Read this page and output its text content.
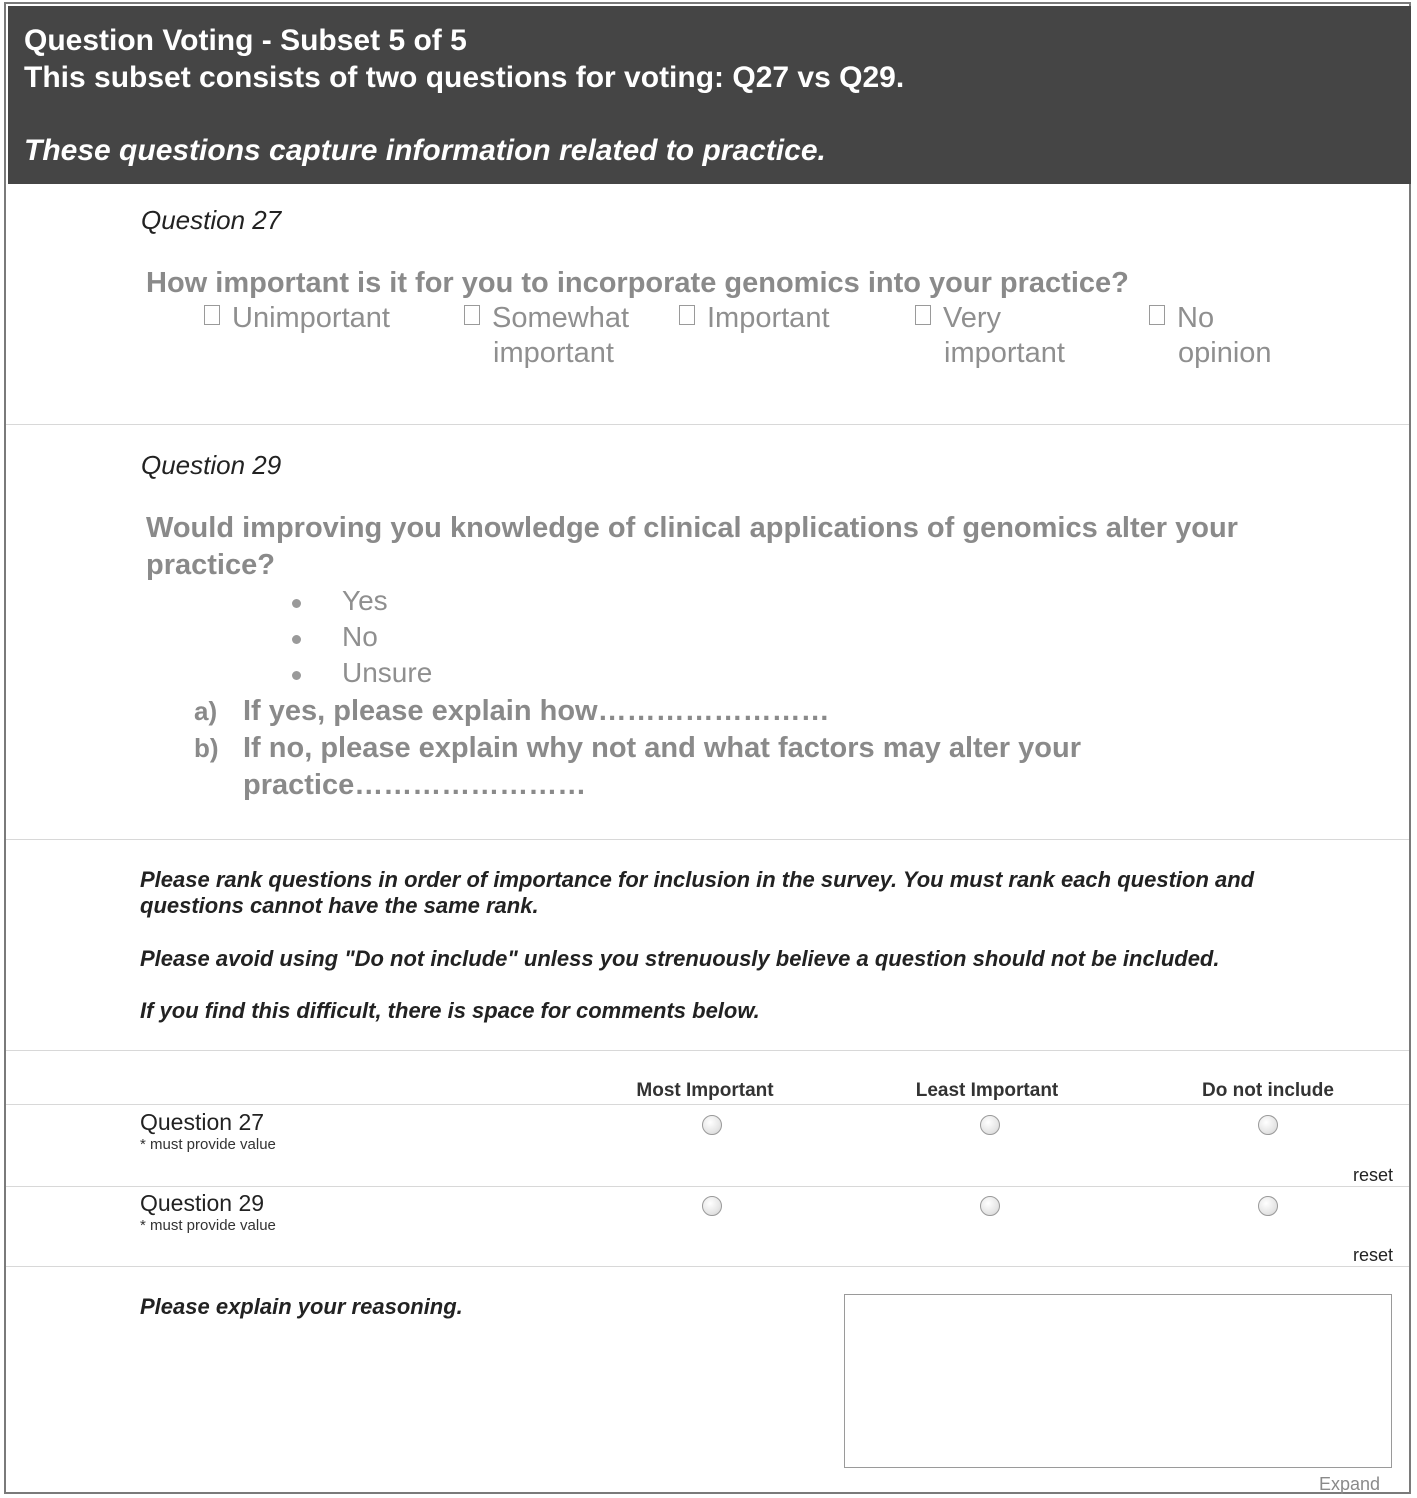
Question Voting - Subset 5 of 5
This subset consists of two questions for voting: Q27 vs Q29.
These questions capture information related to practice.
Question 27
How important is it for you to incorporate genomics into your practice?
Unimportant	Somewhat
important
Important	Very
important
No
opinion
Question 29
Would improving you knowledge of clinical applications of genomics alter your
practice?
Yes
No
Unsure
a) If yes, please explain how……………………
b) If no, please explain why not and what factors may alter your
practice……………………
Please rank questions in order of importance for inclusion in the survey. You must rank each question and
questions cannot have the same rank.
Please avoid using "Do not include" unless you strenuously believe a question should not be included.
If you find this difficult, there is space for comments below.
Most Important	Least Important	Do not include
Question 27
* must provide value
reset
Question 29
* must provide value
reset
Please explain your reasoning.
Expand
